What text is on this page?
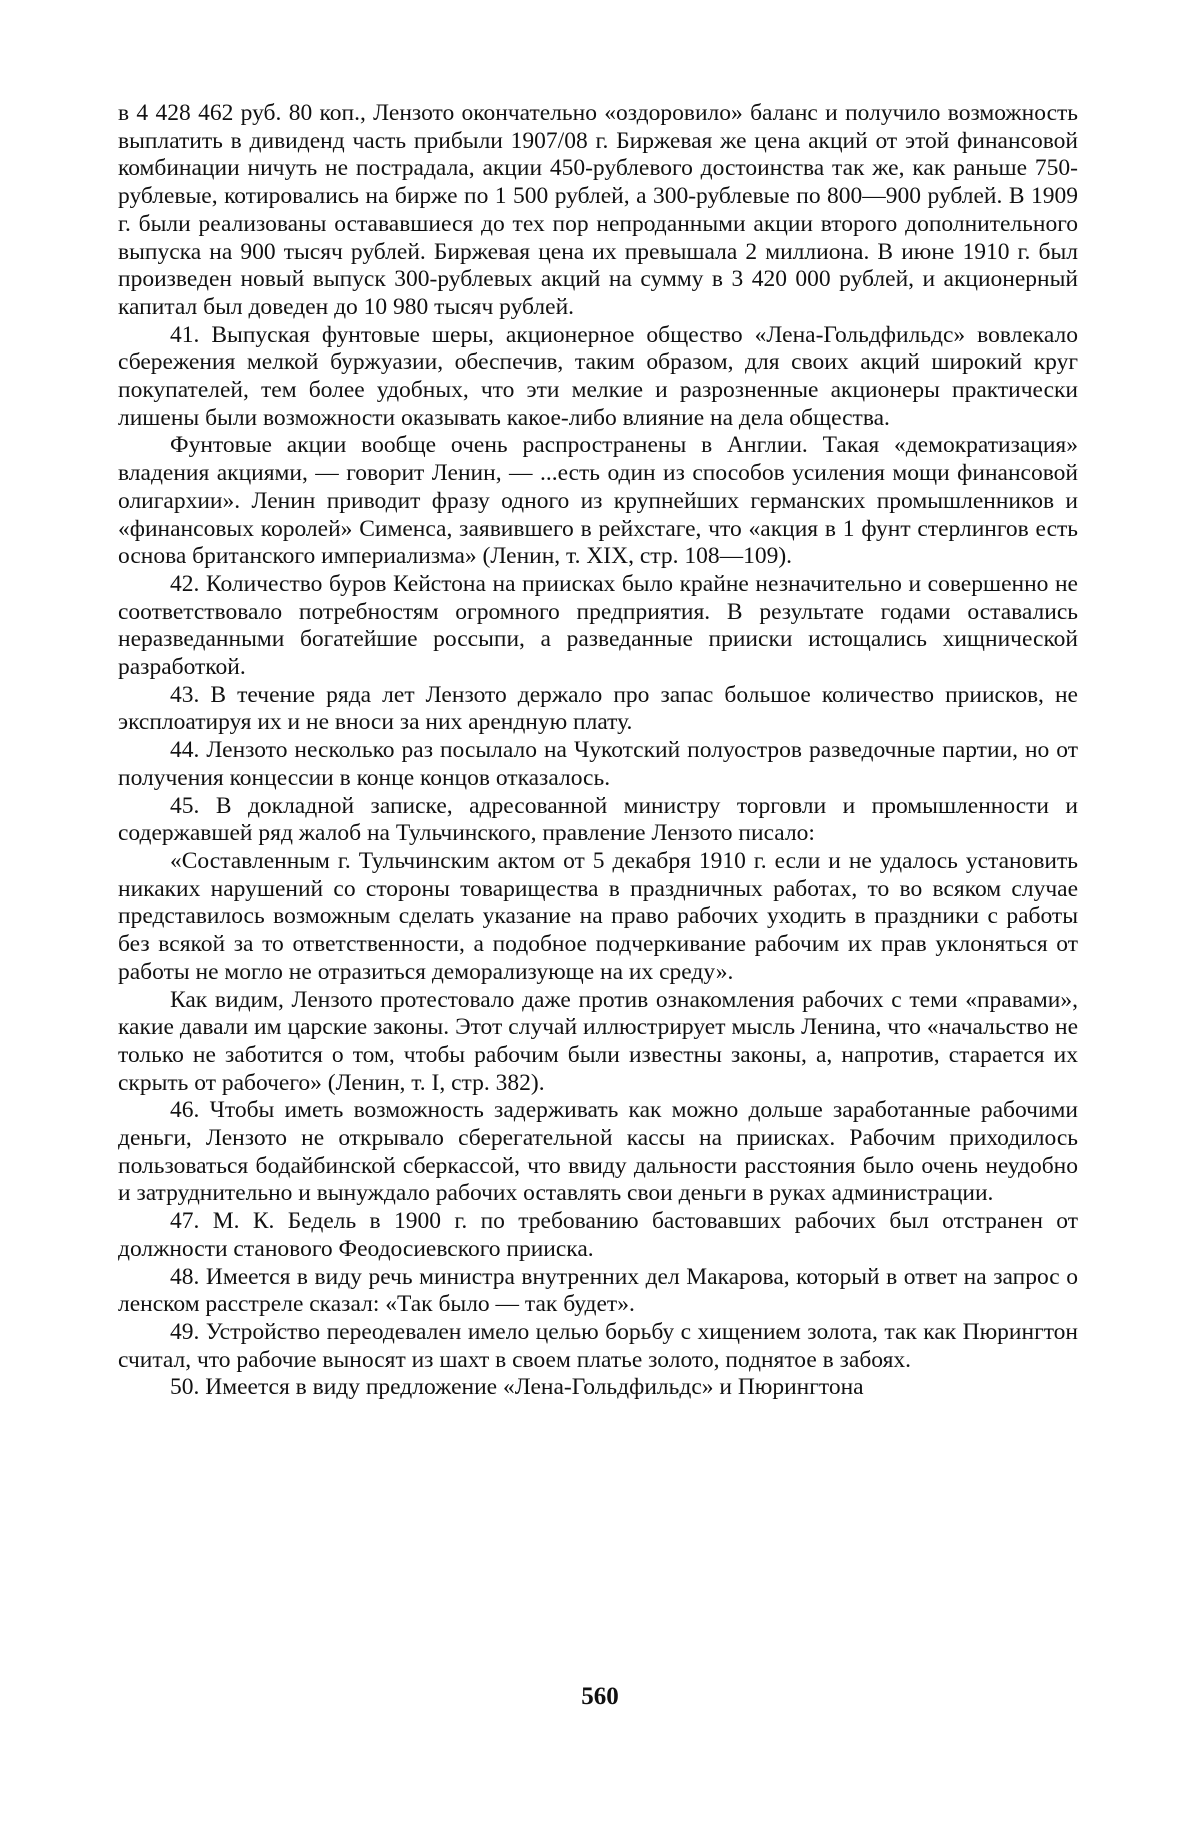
в 4 428 462 руб. 80 коп., Лензото окончательно «оздоровило» баланс и получило возможность выплатить в дивиденд часть прибыли 1907/08 г. Биржевая же цена акций от этой финансовой комбинации ничуть не пострадала, акции 450-рублевого достоинства так же, как раньше 750-рублевые, котировались на бирже по 1 500 рублей, а 300-рублевые по 800—900 рублей. В 1909 г. были реализованы остававшиеся до тех пор непроданными акции второго дополнительного выпуска на 900 тысяч рублей. Биржевая цена их превышала 2 миллиона. В июне 1910 г. был произведен новый выпуск 300-рублевых акций на сумму в 3 420 000 рублей, и акционерный капитал был доведен до 10 980 тысяч рублей.

41. Выпуская фунтовые шеры, акционерное общество «Лена-Гольдфильдс» вовлекало сбережения мелкой буржуазии, обеспечив, таким образом, для своих акций широкий круг покупателей, тем более удобных, что эти мелкие и разрозненные акционеры практически лишены были возможности оказывать какое-либо влияние на дела общества.

Фунтовые акции вообще очень распространены в Англии. Такая «демократизация» владения акциями, — говорит Ленин, — ...есть один из способов усиления мощи финансовой олигархии». Ленин приводит фразу одного из крупнейших германских промышленников и «финансовых королей» Сименса, заявившего в рейхстаге, что «акция в 1 фунт стерлингов есть основа британского империализма» (Ленин, т. XIX, стр. 108—109).

42. Количество буров Кейстона на приисках было крайне незначительно и совершенно не соответствовало потребностям огромного предприятия. В результате годами оставались неразведанными богатейшие россыпи, а разведанные прииски истощались хищнической разработкой.

43. В течение ряда лет Лензото держало про запас большое количество приисков, не эксплоатируя их и не вноси за них арендную плату.

44. Лензото несколько раз посылало на Чукотский полуостров разведочные партии, но от получения концессии в конце концов отказалось.

45. В докладной записке, адресованной министру торговли и промышленности и содержавшей ряд жалоб на Тульчинского, правление Лензото писало:

«Составленным г. Тульчинским актом от 5 декабря 1910 г. если и не удалось установить никаких нарушений со стороны товарищества в праздничных работах, то во всяком случае представилось возможным сделать указание на право рабочих уходить в праздники с работы без всякой за то ответственности, а подобное подчеркивание рабочим их прав уклоняться от работы не могло не отразиться деморализующе на их среду».

Как видим, Лензото протестовало даже против ознакомления рабочих с теми «правами», какие давали им царские законы. Этот случай иллюстрирует мысль Ленина, что «начальство не только не заботится о том, чтобы рабочим были известны законы, а, напротив, старается их скрыть от рабочего» (Ленин, т. I, стр. 382).

46. Чтобы иметь возможность задерживать как можно дольше заработанные рабочими деньги, Лензото не открывало сберегательной кассы на приисках. Рабочим приходилось пользоваться бодайбинской сберкассой, что ввиду дальности расстояния было очень неудобно и затруднительно и вынуждало рабочих оставлять свои деньги в руках администрации.

47. М. К. Бедель в 1900 г. по требованию бастовавших рабочих был отстранен от должности станового Феодосиевского прииска.

48. Имеется в виду речь министра внутренних дел Макарова, который в ответ на запрос о ленском расстреле сказал: «Так было — так будет».

49. Устройство переодевален имело целью борьбу с хищением золота, так как Пюрингтон считал, что рабочие выносят из шахт в своем платье золото, поднятое в забоях.

50. Имеется в виду предложение «Лена-Гольдфильдс» и Пюрингтона

560
